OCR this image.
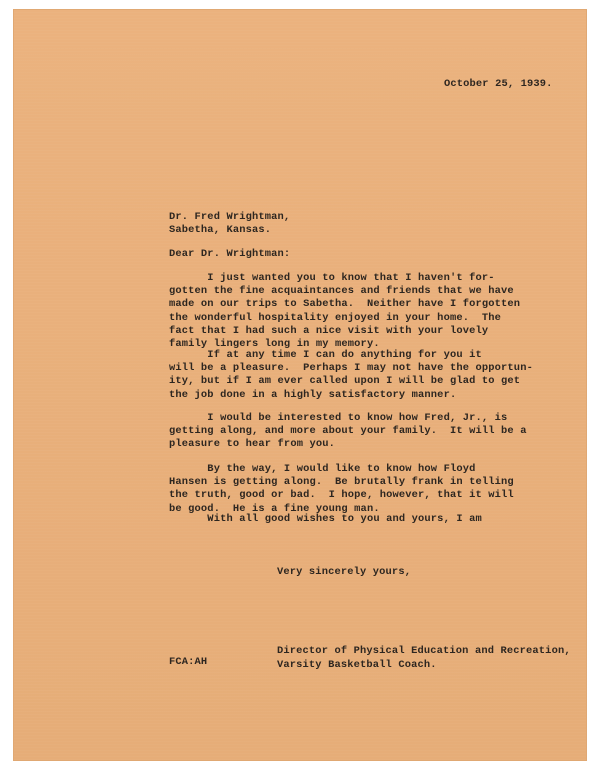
October 25, 1939.
Dr. Fred Wrightman,
Sabetha, Kansas.
Dear Dr. Wrightman:
I just wanted you to know that I haven't for-
gotten the fine acquaintances and friends that we have
made on our trips to Sabetha.  Neither have I forgotten
the wonderful hospitality enjoyed in your home.  The
fact that I had such a nice visit with your lovely
family lingers long in my memory.
If at any time I can do anything for you it
will be a pleasure.  Perhaps I may not have the opportun-
ity, but if I am ever called upon I will be glad to get
the job done in a highly satisfactory manner.
I would be interested to know how Fred, Jr., is
getting along, and more about your family.  It will be a
pleasure to hear from you.
By the way, I would like to know how Floyd
Hansen is getting along.  Be brutally frank in telling
the truth, good or bad.  I hope, however, that it will
be good.  He is a fine young man.
With all good wishes to you and yours, I am
Very sincerely yours,
FCA:AH
Director of Physical Education and Recreation,
Varsity Basketball Coach.
